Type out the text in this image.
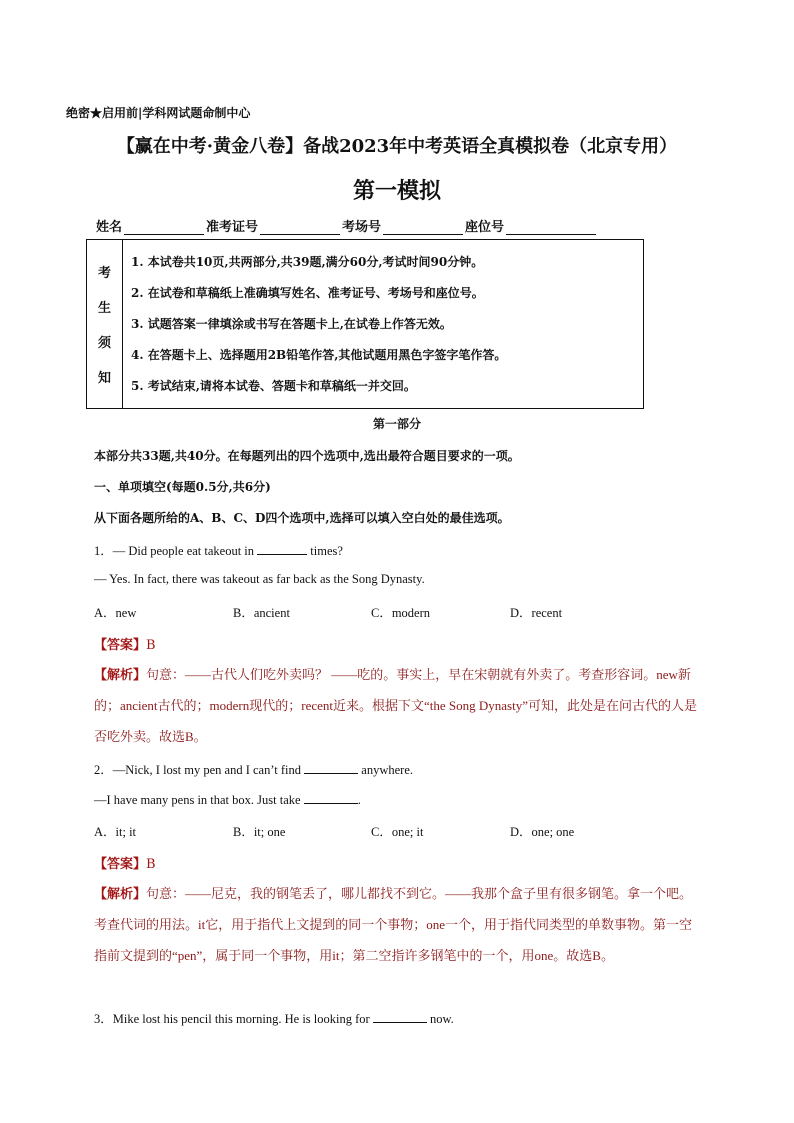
绝密★启用前|学科网试题命制中心
【赢在中考·黄金八卷】备战2023年中考英语全真模拟卷（北京专用）
第一模拟
姓名	准考证号	考场号	座位号
考
生
须
知
1. 本试卷共10页,共两部分,共39题,满分60分,考试时间90分钟。
2. 在试卷和草稿纸上准确填写姓名、准考证号、考场号和座位号。
3. 试题答案一律填涂或书写在答题卡上,在试卷上作答无效。
4. 在答题卡上、选择题用2B铅笔作答,其他试题用黑色字签字笔作答。
5. 考试结束,请将本试卷、答题卡和草稿纸一并交回。
第一部分
本部分共33题,共40分。在每题列出的四个选项中,选出最符合题目要求的一项。
一、单项填空(每题0.5分,共6分)
从下面各题所给的A、B、C、D四个选项中,选择可以填入空白处的最佳选项。
1．— Did people eat takeout in	times?
— Yes. In fact, there was takeout as far back as the Song Dynasty.
A．new	B．ancient	C．modern	D．recent
【答案】B
【解析】句意：——古代人们吃外卖吗？ ——吃的。事实上，早在宋朝就有外卖了。考查形容词。new新的；ancient古代的；modern现代的；recent近来。根据下文“the Song Dynasty”可知，此处是在问古代的人是否吃外卖。故选B。
2．—Nick, I lost my pen and I can’t find	anywhere.
—I have many pens in that box. Just take	.
A．it; it	B．it; one	C．one; it	D．one; one
【答案】B
【解析】句意：——尼克，我的钢笔丢了，哪儿都找不到它。——我那个盒子里有很多钢笔。拿一个吧。考查代词的用法。it它，用于指代上文提到的同一个事物；one一个，用于指代同类型的单数事物。第一空指前文提到的“pen”，属于同一个事物，用it；第二空指许多钢笔中的一个，用one。故选B。
3．Mike lost his pencil this morning. He is looking for	now.
